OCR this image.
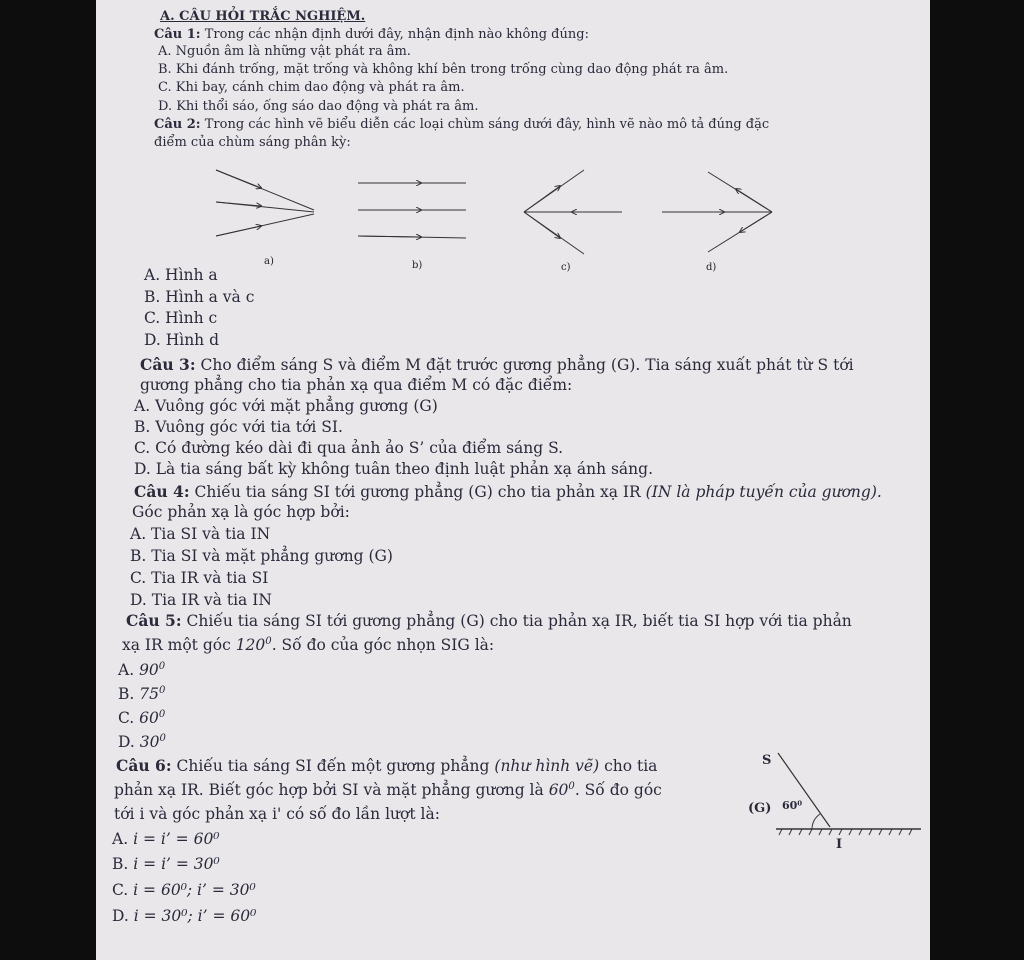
A. CÂU HỎI TRẮC NGHIỆM.
Câu 1: Trong các nhận định dưới đây, nhận định nào không đúng:
A. Nguồn âm là những vật phát ra âm.
B. Khi đánh trống, mặt trống và không khí bên trong trống cùng dao động phát ra âm.
C. Khi bay, cánh chim dao động và phát ra âm.
D. Khi thổi sáo, ống sáo dao động và phát ra âm.
Câu 2: Trong các hình vẽ biểu diễn các loại chùm sáng dưới đây, hình vẽ nào mô tả đúng đặc
điểm của chùm sáng phân kỳ:
a)	b)	c)	d)
A. Hình a
B. Hình a và c
C. Hình c
D. Hình d
Câu 3: Cho điểm sáng S và điểm M đặt trước gương phẳng (G). Tia sáng xuất phát từ S tới
gương phẳng cho tia phản xạ qua điểm M có đặc điểm:
A. Vuông góc với mặt phẳng gương (G)
B. Vuông góc với tia tới SI.
C. Có đường kéo dài đi qua ảnh ảo S’ của điểm sáng S.
D. Là tia sáng bất kỳ không tuân theo định luật phản xạ ánh sáng.
Câu 4: Chiếu tia sáng SI tới gương phẳng (G) cho tia phản xạ IR (IN là pháp tuyến của gương).
Góc phản xạ là góc hợp bởi:
A. Tia SI và tia IN
B. Tia SI và mặt phẳng gương (G)
C. Tia IR và tia SI
D. Tia IR và tia IN
Câu 5: Chiếu tia sáng SI tới gương phẳng (G) cho tia phản xạ IR, biết tia SI hợp với tia phản
xạ IR một góc $120^0$. Số đo của góc nhọn SIG là:
A. $90^0$
B. $75^0$
C. $60^0$
D. $30^0$
Câu 6: Chiếu tia sáng SI đến một gương phẳng (như hình vẽ) cho tia
phản xạ IR. Biết góc hợp bởi SI và mặt phẳng gương là $60^0$. Số đo góc
tới i và góc phản xạ i' có số đo lần lượt là:
A. i = i’ = 60⁰
B. i = i’ = 30⁰
C. i = 60⁰; i’ = 30⁰
D. i = 30⁰; i’ = 60⁰
S
(G) 60⁰
I
